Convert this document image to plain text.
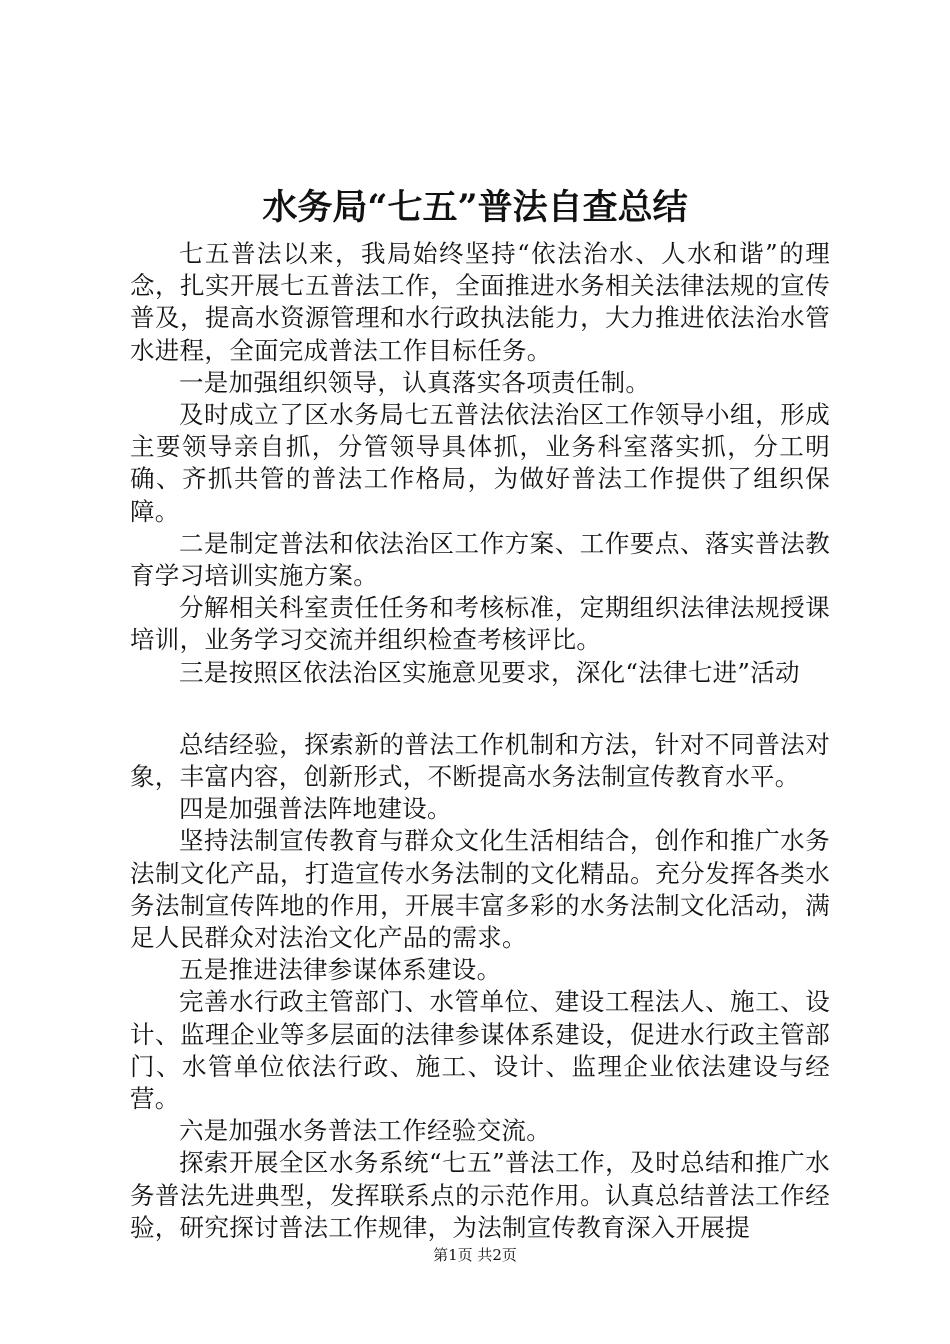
水务局“七五”普法自查总结

七五普法以来，我局始终坚持“依法治水、人水和谐”的理念，扎实开展七五普法工作，全面推进水务相关法律法规的宣传普及，提高水资源管理和水行政执法能力，大力推进依法治水管水进程，全面完成普法工作目标任务。

一是加强组织领导，认真落实各项责任制。

及时成立了区水务局七五普法依法治区工作领导小组，形成主要领导亲自抓，分管领导具体抓，业务科室落实抓，分工明确、齐抓共管的普法工作格局，为做好普法工作提供了组织保障。

二是制定普法和依法治区工作方案、工作要点、落实普法教育学习培训实施方案。

分解相关科室责任任务和考核标准，定期组织法律法规授课培训，业务学习交流并组织检查考核评比。

三是按照区依法治区实施意见要求，深化“法律七进”活动

总结经验，探索新的普法工作机制和方法，针对不同普法对象，丰富内容，创新形式，不断提高水务法制宣传教育水平。

四是加强普法阵地建设。

坚持法制宣传教育与群众文化生活相结合，创作和推广水务法制文化产品，打造宣传水务法制的文化精品。充分发挥各类水务法制宣传阵地的作用，开展丰富多彩的水务法制文化活动，满足人民群众对法治文化产品的需求。

五是推进法律参谋体系建设。

完善水行政主管部门、水管单位、建设工程法人、施工、设计、监理企业等多层面的法律参谋体系建设，促进水行政主管部门、水管单位依法行政、施工、设计、监理企业依法建设与经营。

六是加强水务普法工作经验交流。

探索开展全区水务系统“七五”普法工作，及时总结和推广水务普法先进典型，发挥联系点的示范作用。认真总结普法工作经验，研究探讨普法工作规律，为法制宣传教育深入开展提

第1页 共2页
